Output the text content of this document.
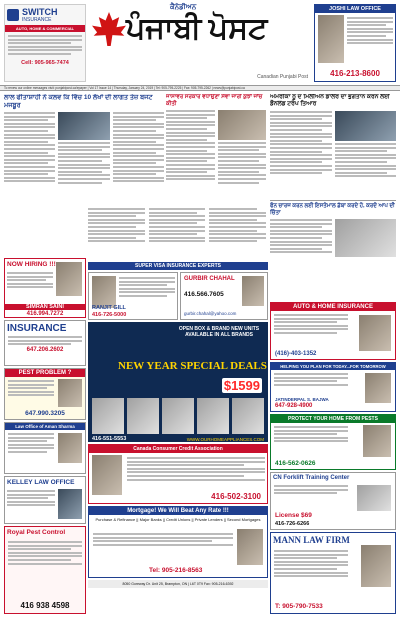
SWITCH
INSURANCE
AUTO, HOME & COMMERCIAL
Cell: 905-965-7474
ਕੈਨੇਡੀਅਨ
ਪੰਜਾਬੀ ਪੋਸਟ
Canadian Punjabi Post
JOSHI LAW OFFICE
416-213-8600
To renew our online messages visit: punjabipost.ca/epaper | Vol 17 Issue 14 | Thursday, January 24, 2019 | Tel: 905-795-2225 | Fax: 905-795-2262 | news@punjabipost.ca
ਲਾਲ ਫੀਤਾਸ਼ਾਹੀ ਨੇ ਕਲਵ ਕਿ ਵਿੱਚ 10 ਲੱਖਾਂ ਦੀ ਲਾਗਤ ਤੇਜ਼ ਬਜਟ ਮਜਬੂਰ
ਜਾਸਾਵਰ ਸਰਕਾਰ ਵਧਾਉਣਾ ਸੇਵਾ ਜਾਰੀ ਕੁਝਾਂ ਜਾਂਚ ਕੀਤੀ
ਅਮਰੀਕਾ ਨੂੰ ਦੋ ਮਿਲੀਅਨ ਡਾਲਰ ਦਾ ਭੁਗਤਾਨ ਕਰਨ ਲਈ ਡੌਨਲਡ ਟਰੰਪ ਤਿਆਰ
ਫੋਨ ਚਾਰਜ ਕਰਨ ਲਈ ਇਸਤੇਮਾਲ ਡੱਬਾ ਕਰਦੇ ਹੋ, ਕਰਦੋ ਆਪ ਦੀ ਚਿੰਤਾ
NOW HIRING !!!
SIMRAN SAINI
416.994.7272
INSURANCE
647.206.2602
PEST PROBLEM ?
647.990.3205
Law Office of Aman Sharma
KELLEY LAW OFFICE
Royal Pest Control
416 938 4598
SUPER VISA INSURANCE EXPERTS
RANJIT GILL
416-726-5000
GURBIR CHAHAL
416.566.7605
gurbir.chahal@yahoo.com
OPEN BOX & BRAND NEW UNITS AVAILABLE IN ALL BRANDS
NEW YEAR SPECIAL DEALS
$1599
416-551-5553	WWW.OURHOMEAPPLIANCES.COM
Canada Consumer Credit Association
416-502-3100
Mortgage! We Will Beat Any Rate !!!
Purchase & Refinance || Major Banks || Credit Unions || Private Lenders || Second Mortgages
Tel: 905-216-8563
8050 Goreway Dr. Unit 25, Brampton, ON | L6T 0T9 Fax: 905-216-6392
AUTO & HOME INSURANCE
(416)-403-1352
HELPING YOU PLAN FOR TODAY...FOR TOMORROW
JATINDERPAL S. BAJWA
647-928-4900
PROTECT YOUR HOME FROM PESTS
416-562-0626
CN Forklift Training Center
License $69
416-726-6266
MANN LAW FIRM
T: 905-790-7533
